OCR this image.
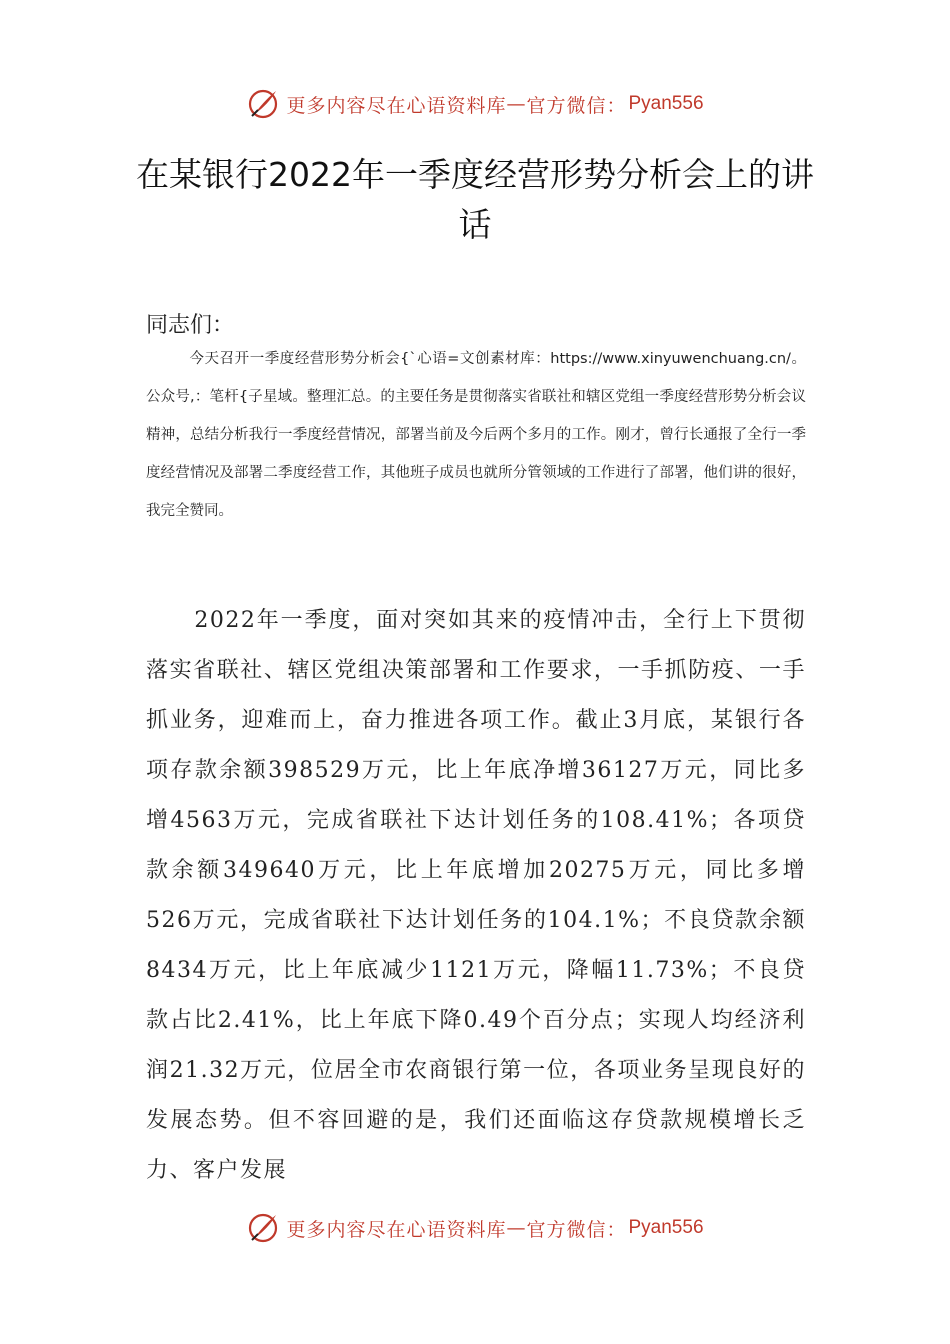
更多内容尽在心语资料库 — 官方微信： Pyan556
在某银行2022年一季度经营形势分析会上的讲话
同志们：
今天召开一季度经营形势分析会{`心语=文创素材库：https://www.xinyuwenchuang.cn/。公众号,：笔杆{子星域。整理汇总。的主要任务是贯彻落实省联社和辖区党组一季度经营形势分析会议精神，总结分析我行一季度经营情况，部署当前及今后两个多月的工作。刚才，曾行长通报了全行一季度经营情况及部署二季度经营工作，其他班子成员也就所分管领域的工作进行了部署，他们讲的很好，我完全赞同。
2022年一季度，面对突如其来的疫情冲击，全行上下贯彻落实省联社、辖区党组决策部署和工作要求，一手抓防疫、一手抓业务，迎难而上，奋力推进各项工作。截止3月底，某银行各项存款余额398529万元，比上年底净增36127万元，同比多增4563万元，完成省联社下达计划任务的108.41%；各项贷款余额349640万元，比上年底增加20275万元，同比多增526万元，完成省联社下达计划任务的104.1%；不良贷款余额8434万元，比上年底减少1121万元，降幅11.73%；不良贷款占比2.41%，比上年底下降0.49个百分点；实现人均经济利润21.32万元，位居全市农商银行第一位，各项业务呈现良好的发展态势。但不容回避的是，我们还面临这存贷款规模增长乏力、客户发展
更多内容尽在心语资料库 — 官方微信： Pyan556
